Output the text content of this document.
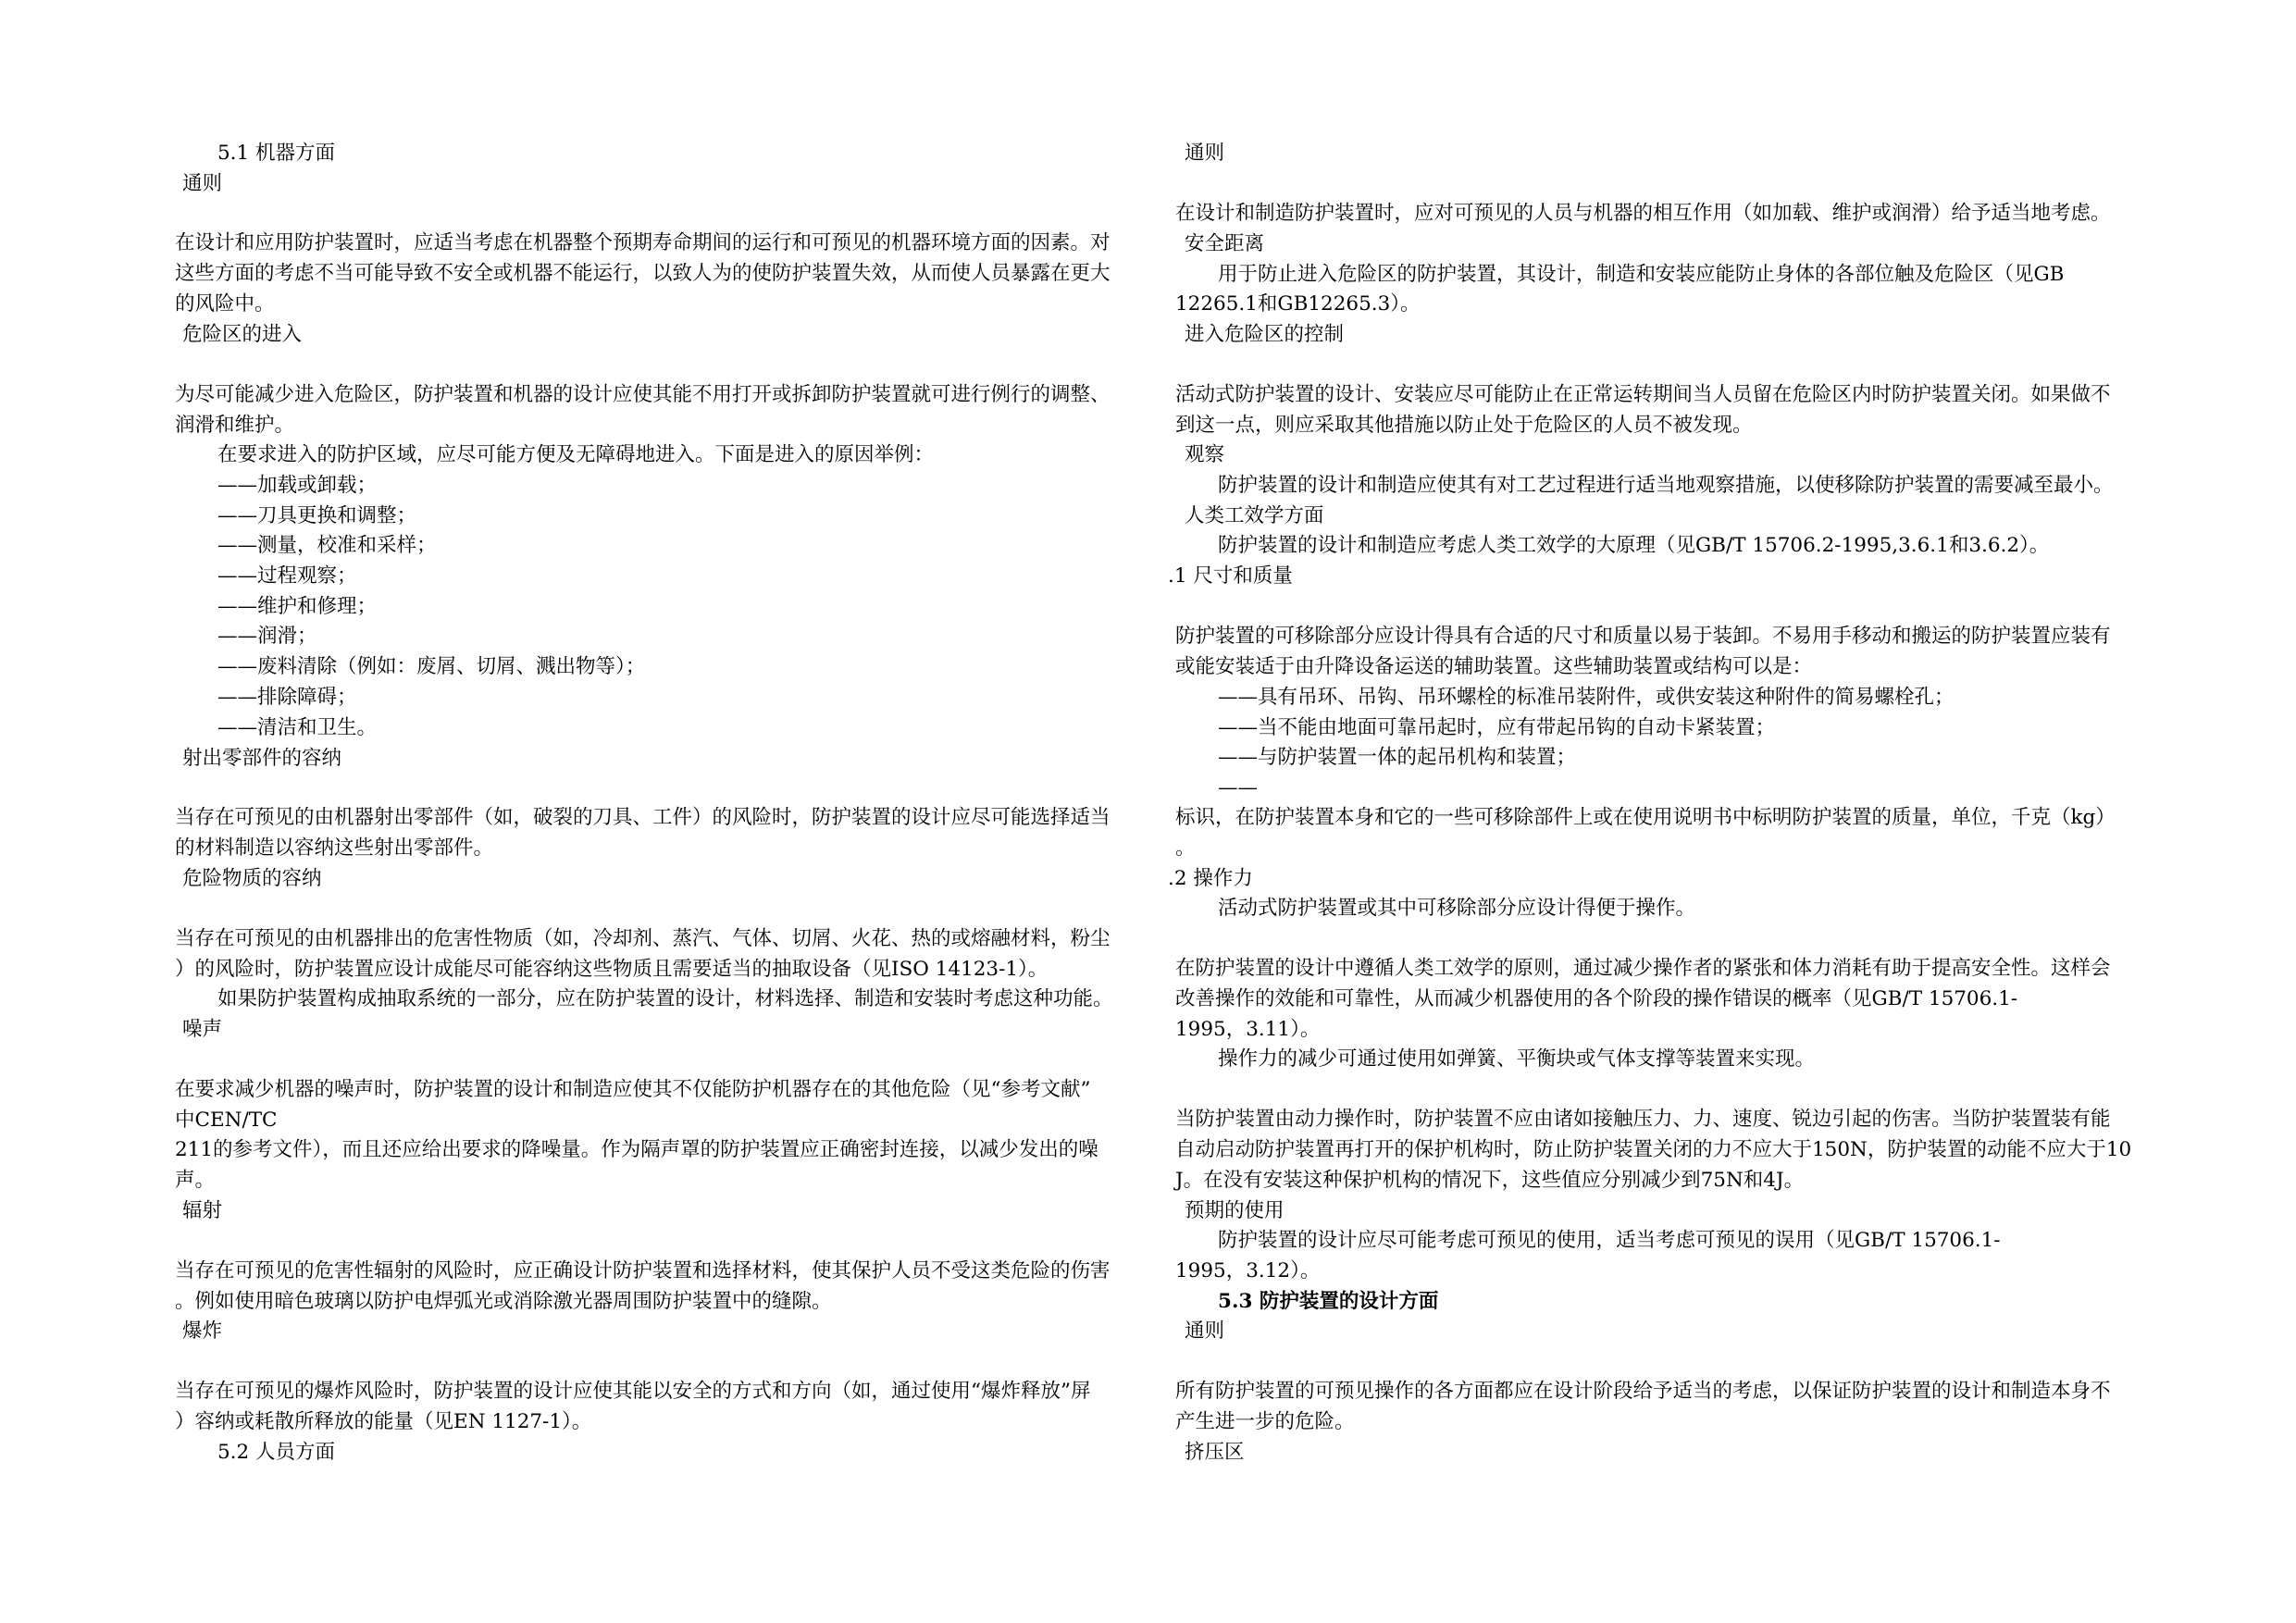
5.1 机器方面

通则

在设计和应用防护装置时，应适当考虑在机器整个预期寿命期间的运行和可预见的机器环境方面的因素。对

这些方面的考虑不当可能导致不安全或机器不能运行，以致人为的使防护装置失效，从而使人员暴露在更大

的风险中。

危险区的进入

为尽可能减少进入危险区，防护装置和机器的设计应使其能不用打开或拆卸防护装置就可进行例行的调整、

润滑和维护。

在要求进入的防护区域，应尽可能方便及无障碍地进入。下面是进入的原因举例：

——加载或卸载；

——刀具更换和调整；

——测量，校准和采样；

——过程观察；

——维护和修理；

——润滑；

——废料清除（例如：废屑、切屑、溅出物等）；

——排除障碍；

——清洁和卫生。

射出零部件的容纳

当存在可预见的由机器射出零部件（如，破裂的刀具、工件）的风险时，防护装置的设计应尽可能选择适当

的材料制造以容纳这些射出零部件。

危险物质的容纳

当存在可预见的由机器排出的危害性物质（如，冷却剂、蒸汽、气体、切屑、火花、热的或熔融材料，粉尘

）的风险时，防护装置应设计成能尽可能容纳这些物质且需要适当的抽取设备（见ISO 14123-1）。

如果防护装置构成抽取系统的一部分，应在防护装置的设计，材料选择、制造和安装时考虑这种功能。

噪声

在要求减少机器的噪声时，防护装置的设计和制造应使其不仅能防护机器存在的其他危险（见“参考文献”

中CEN/TC

211的参考文件），而且还应给出要求的降噪量。作为隔声罩的防护装置应正确密封连接，以减少发出的噪

声。

辐射

当存在可预见的危害性辐射的风险时，应正确设计防护装置和选择材料，使其保护人员不受这类危险的伤害

。例如使用暗色玻璃以防护电焊弧光或消除激光器周围防护装置中的缝隙。

爆炸

当存在可预见的爆炸风险时，防护装置的设计应使其能以安全的方式和方向（如，通过使用“爆炸释放”屏

）容纳或耗散所释放的能量（见EN 1127-1）。

5.2 人员方面

通则

在设计和制造防护装置时，应对可预见的人员与机器的相互作用（如加载、维护或润滑）给予适当地考虑。

安全距离

用于防止进入危险区的防护装置，其设计，制造和安装应能防止身体的各部位触及危险区（见GB

12265.1和GB12265.3）。

进入危险区的控制

活动式防护装置的设计、安装应尽可能防止在正常运转期间当人员留在危险区内时防护装置关闭。如果做不

到这一点，则应采取其他措施以防止处于危险区的人员不被发现。

观察

防护装置的设计和制造应使其有对工艺过程进行适当地观察措施，以使移除防护装置的需要减至最小。

人类工效学方面

防护装置的设计和制造应考虑人类工效学的大原理（见GB/T 15706.2-1995,3.6.1和3.6.2）。

.1 尺寸和质量

防护装置的可移除部分应设计得具有合适的尺寸和质量以易于装卸。不易用手移动和搬运的防护装置应装有

或能安装适于由升降设备运送的辅助装置。这些辅助装置或结构可以是：

——具有吊环、吊钩、吊环螺栓的标准吊装附件，或供安装这种附件的简易螺栓孔；

——当不能由地面可靠吊起时，应有带起吊钩的自动卡紧装置；

——与防护装置一体的起吊机构和装置；

——

标识，在防护装置本身和它的一些可移除部件上或在使用说明书中标明防护装置的质量，单位，千克（kg）

。

.2 操作力

活动式防护装置或其中可移除部分应设计得便于操作。

在防护装置的设计中遵循人类工效学的原则，通过减少操作者的紧张和体力消耗有助于提高安全性。这样会

改善操作的效能和可靠性，从而减少机器使用的各个阶段的操作错误的概率（见GB/T 15706.1-

1995，3.11）。

操作力的减少可通过使用如弹簧、平衡块或气体支撑等装置来实现。

当防护装置由动力操作时，防护装置不应由诸如接触压力、力、速度、锐边引起的伤害。当防护装置装有能

自动启动防护装置再打开的保护机构时，防止防护装置关闭的力不应大于150N，防护装置的动能不应大于10

J。在没有安装这种保护机构的情况下，这些值应分别减少到75N和4J。

预期的使用

防护装置的设计应尽可能考虑可预见的使用，适当考虑可预见的误用（见GB/T 15706.1-

1995，3.12）。

5.3 防护装置的设计方面

通则

所有防护装置的可预见操作的各方面都应在设计阶段给予适当的考虑，以保证防护装置的设计和制造本身不

产生进一步的危险。

挤压区
